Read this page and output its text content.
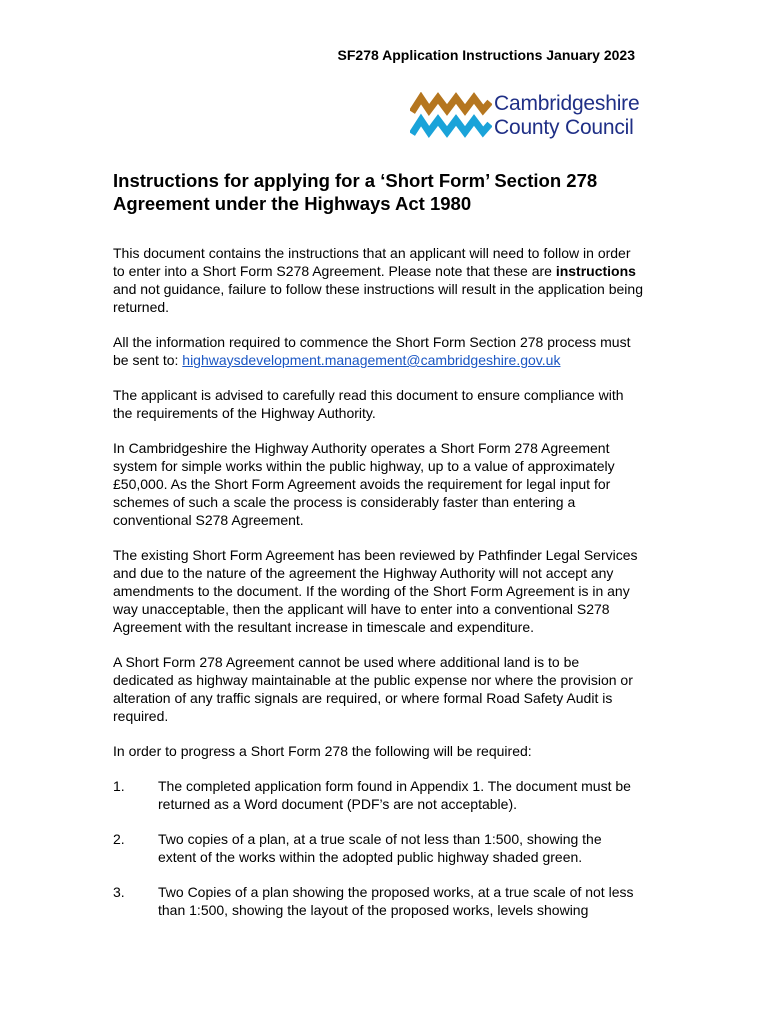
SF278 Application Instructions January 2023
Cambridgeshire
County Council
Instructions for applying for a ‘Short Form’ Section 278
Agreement under the Highways Act 1980

This document contains the instructions that an applicant will need to follow in order to enter into a Short Form S278 Agreement. Please note that these are instructions and not guidance, failure to follow these instructions will result in the application being returned.

All the information required to commence the Short Form Section 278 process must be sent to: highwaysdevelopment.management@cambridgeshire.gov.uk

The applicant is advised to carefully read this document to ensure compliance with the requirements of the Highway Authority.

In Cambridgeshire the Highway Authority operates a Short Form 278 Agreement system for simple works within the public highway, up to a value of approximately £50,000. As the Short Form Agreement avoids the requirement for legal input for schemes of such a scale the process is considerably faster than entering a conventional S278 Agreement.

The existing Short Form Agreement has been reviewed by Pathfinder Legal Services and due to the nature of the agreement the Highway Authority will not accept any amendments to the document. If the wording of the Short Form Agreement is in any way unacceptable, then the applicant will have to enter into a conventional S278 Agreement with the resultant increase in timescale and expenditure.

A Short Form 278 Agreement cannot be used where additional land is to be dedicated as highway maintainable at the public expense nor where the provision or alteration of any traffic signals are required, or where formal Road Safety Audit is required.

In order to progress a Short Form 278 the following will be required:

1. The completed application form found in Appendix 1. The document must be returned as a Word document (PDF’s are not acceptable).
2. Two copies of a plan, at a true scale of not less than 1:500, showing the extent of the works within the adopted public highway shaded green.
3. Two Copies of a plan showing the proposed works, at a true scale of not less than 1:500, showing the layout of the proposed works, levels showing
